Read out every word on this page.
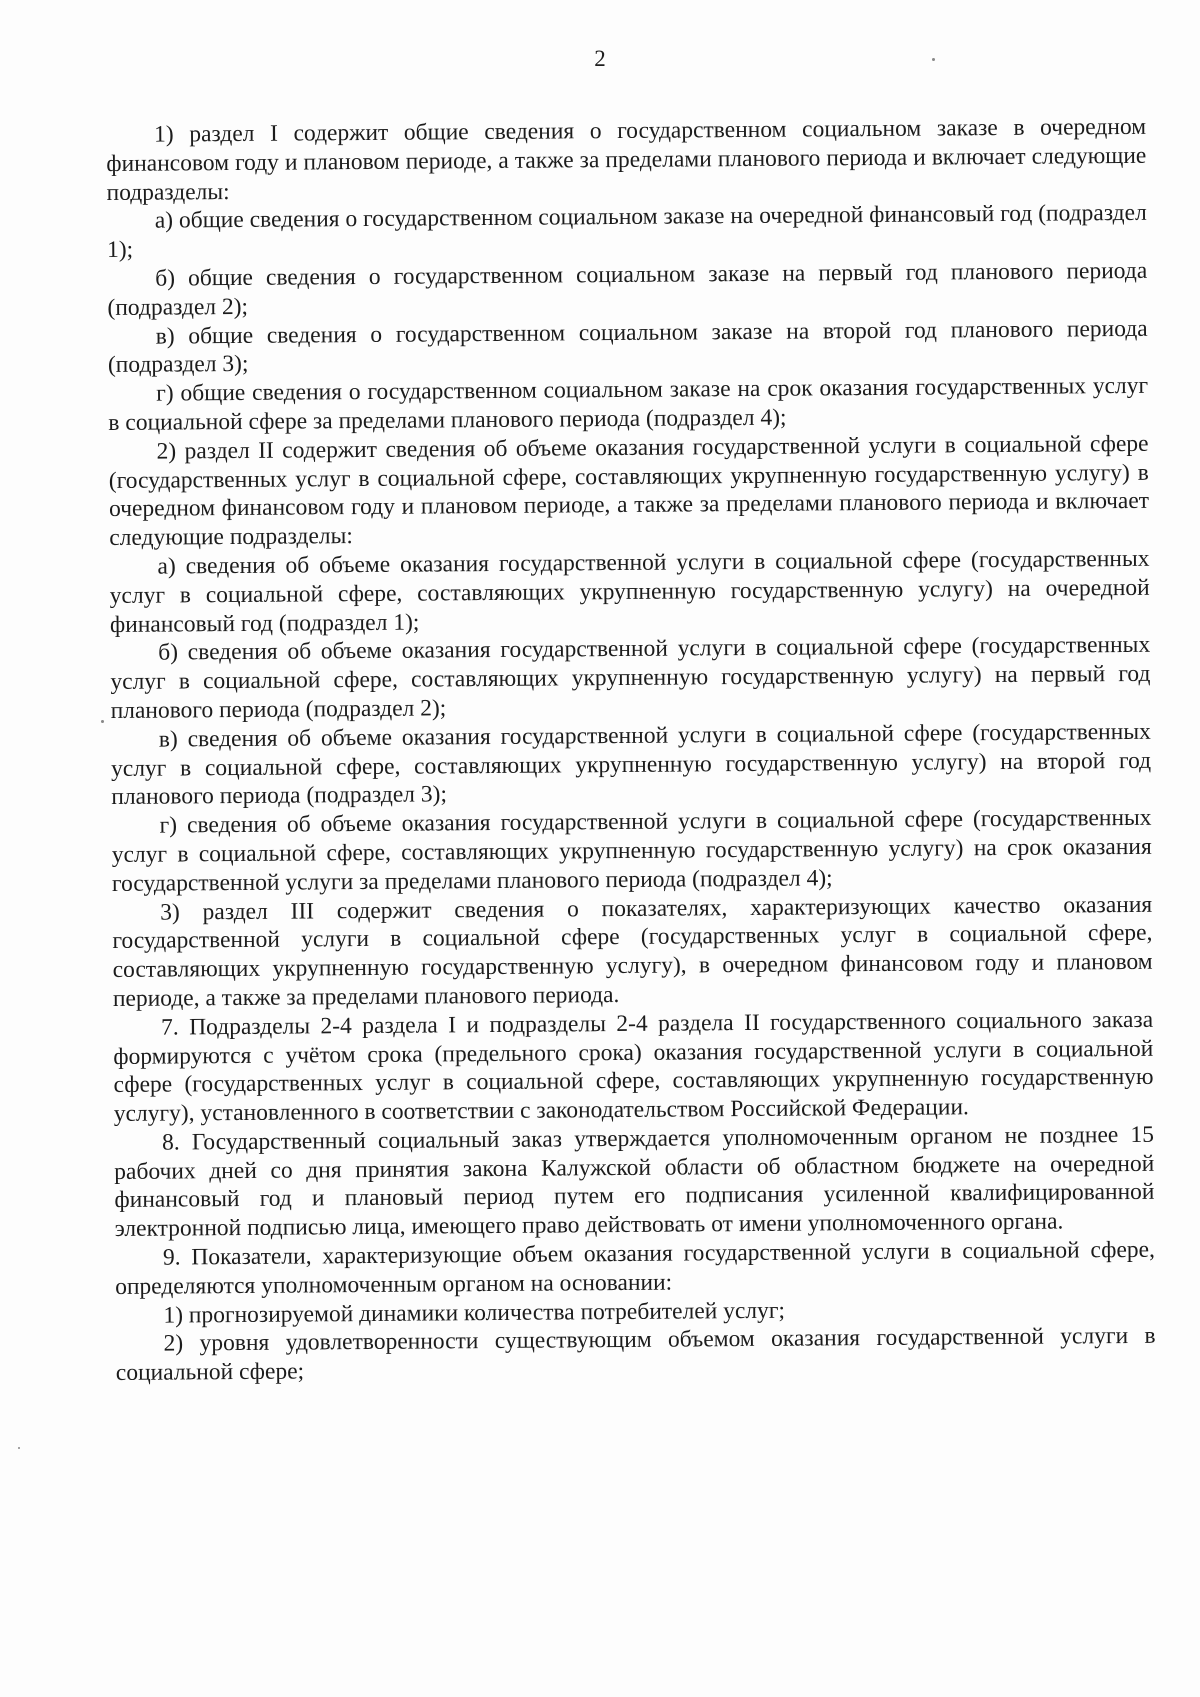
2

1) раздел I содержит общие сведения о государственном социальном заказе в очередном финансовом году и плановом периоде, а также за пределами планового периода и включает следующие подразделы:

а) общие сведения о государственном социальном заказе на очередной финансовый год (подраздел 1);

б) общие сведения о государственном социальном заказе на первый год планового периода (подраздел 2);

в) общие сведения о государственном социальном заказе на второй год планового периода (подраздел 3);

г) общие сведения о государственном социальном заказе на срок оказания государственных услуг в социальной сфере за пределами планового периода (подраздел 4);

2) раздел II содержит сведения об объеме оказания государственной услуги в социальной сфере (государственных услуг в социальной сфере, составляющих укрупненную государственную услугу) в очередном финансовом году и плановом периоде, а также за пределами планового периода и включает следующие подразделы:

а) сведения об объеме оказания государственной услуги в социальной сфере (государственных услуг в социальной сфере, составляющих укрупненную государственную услугу) на очередной финансовый год (подраздел 1);

б) сведения об объеме оказания государственной услуги в социальной сфере (государственных услуг в социальной сфере, составляющих укрупненную государственную услугу) на первый год планового периода (подраздел 2);

в) сведения об объеме оказания государственной услуги в социальной сфере (государственных услуг в социальной сфере, составляющих укрупненную государственную услугу) на второй год планового периода (подраздел 3);

г) сведения об объеме оказания государственной услуги в социальной сфере (государственных услуг в социальной сфере, составляющих укрупненную государственную услугу) на срок оказания государственной услуги за пределами планового периода (подраздел 4);

3) раздел III содержит сведения о показателях, характеризующих качество оказания государственной услуги в социальной сфере (государственных услуг в социальной сфере, составляющих укрупненную государственную услугу), в очередном финансовом году и плановом периоде, а также за пределами планового периода.

7. Подразделы 2-4 раздела I и подразделы 2-4 раздела II государственного социального заказа формируются с учётом срока (предельного срока) оказания государственной услуги в социальной сфере (государственных услуг в социальной сфере, составляющих укрупненную государственную услугу), установленного в соответствии с законодательством Российской Федерации.

8. Государственный социальный заказ утверждается уполномоченным органом не позднее 15 рабочих дней со дня принятия закона Калужской области об областном бюджете на очередной финансовый год и плановый период путем его подписания усиленной квалифицированной электронной подписью лица, имеющего право действовать от имени уполномоченного органа.

9. Показатели, характеризующие объем оказания государственной услуги в социальной сфере, определяются уполномоченным органом на основании:

1) прогнозируемой динамики количества потребителей услуг;

2) уровня удовлетворенности существующим объемом оказания государственной услуги в социальной сфере;
